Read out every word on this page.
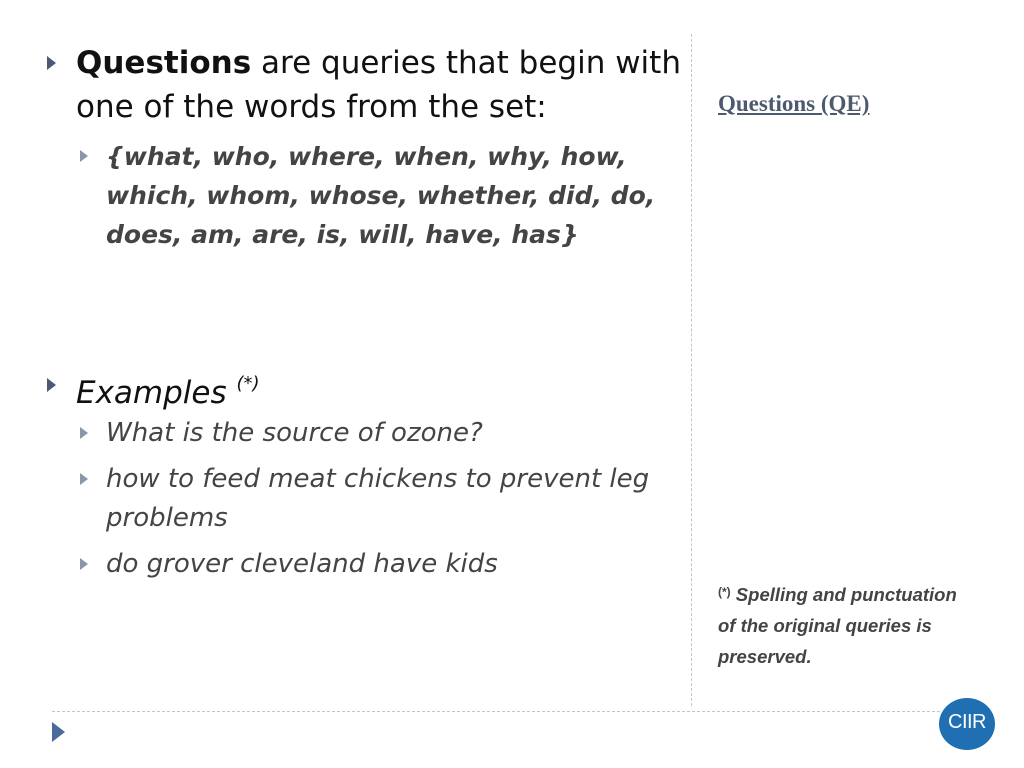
Questions are queries that begin with
one of the words from the set:

{what, who, where, when, why, how,
which, whom, whose, whether, did, do,
does, am, are, is, will, have, has}

Examples (*)

What is the source of ozone?

how to feed meat chickens to prevent leg
problems

do grover cleveland have kids

Questions (QE)

(*) Spelling and punctuation
of the original queries is
preserved.

CIIR
